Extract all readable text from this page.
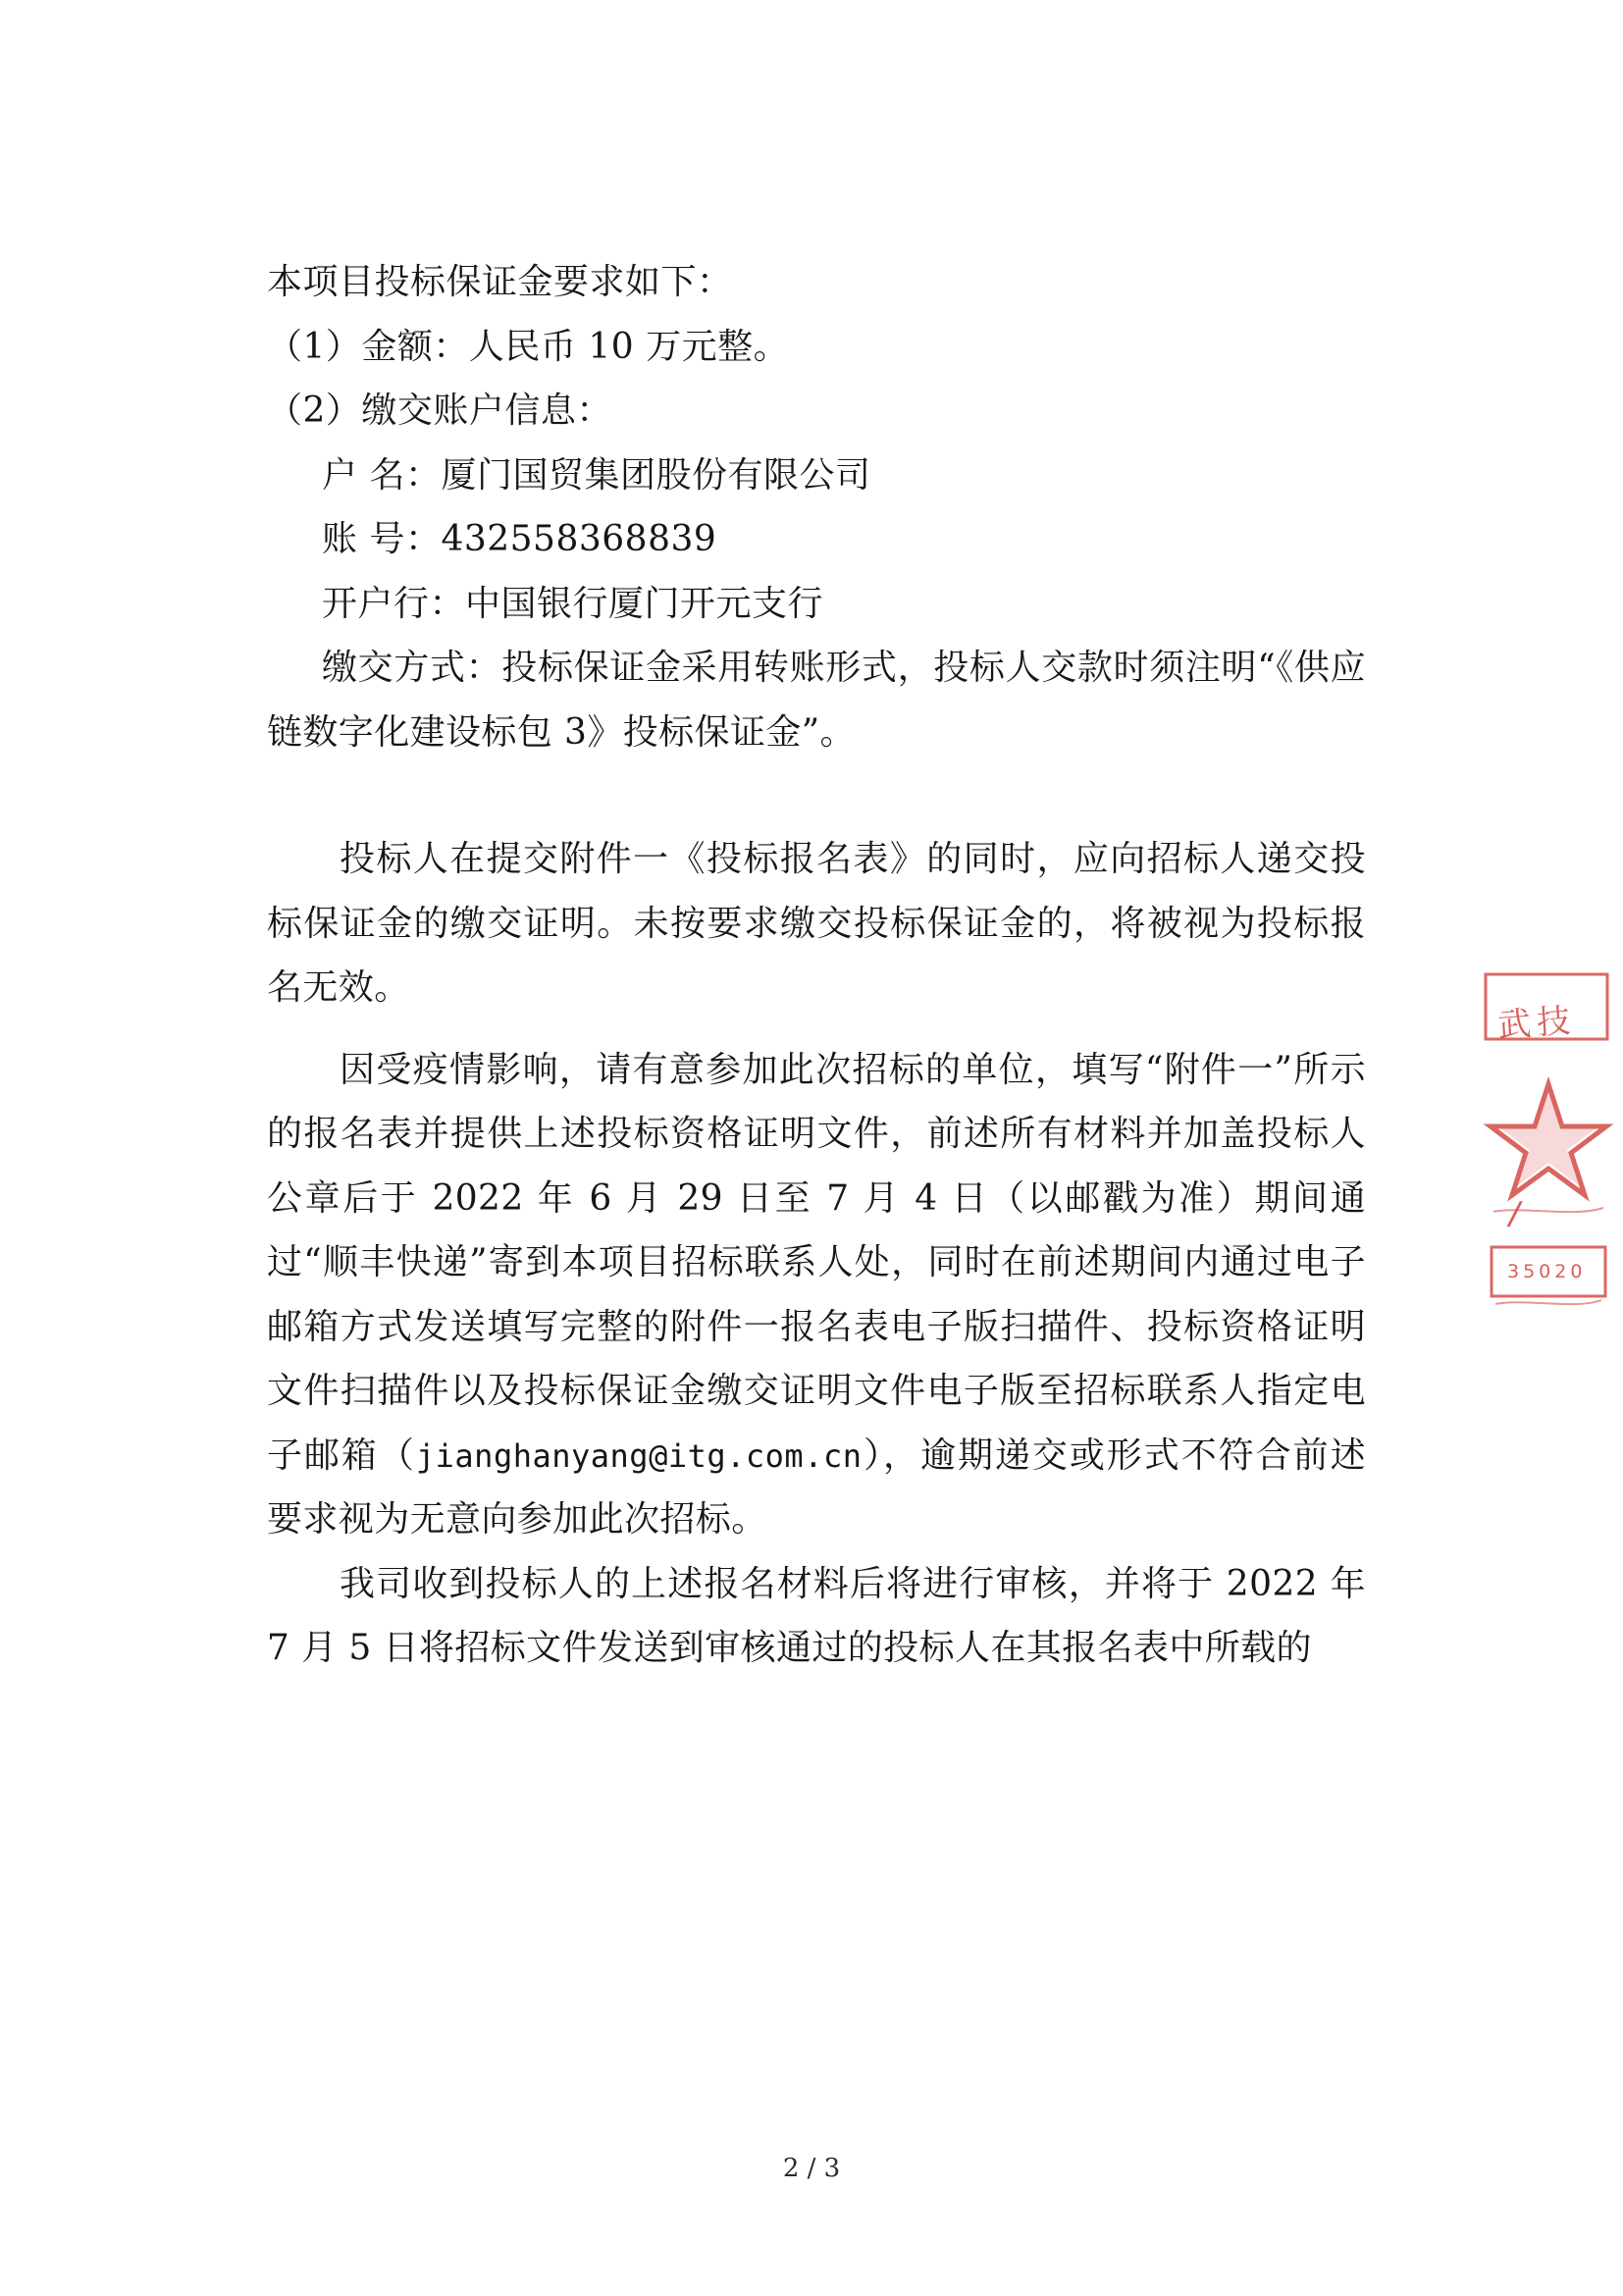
本项目投标保证金要求如下：
（1）金额：人民币 10 万元整。
（2）缴交账户信息：
户 名：厦门国贸集团股份有限公司
账 号：432558368839
开户行：中国银行厦门开元支行

缴交方式：投标保证金采用转账形式，投标人交款时须注明“《供应链数字化建设标包 3》投标保证金”。

投标人在提交附件一《投标报名表》的同时，应向招标人递交投标保证金的缴交证明。未按要求缴交投标保证金的，将被视为投标报名无效。

因受疫情影响，请有意参加此次招标的单位，填写“附件一”所示的报名表并提供上述投标资格证明文件，前述所有材料并加盖投标人公章后于 2022 年 6 月 29 日至 7 月 4 日（以邮戳为准）期间通过“顺丰快递”寄到本项目招标联系人处，同时在前述期间内通过电子邮箱方式发送填写完整的附件一报名表电子版扫描件、投标资格证明文件扫描件以及投标保证金缴交证明文件电子版至招标联系人指定电子邮箱（jianghanyang@itg.com.cn），逾期递交或形式不符合前述要求视为无意向参加此次招标。

我司收到投标人的上述报名材料后将进行审核，并将于 2022 年 7 月 5 日将招标文件发送到审核通过的投标人在其报名表中所载的

武技
/
35020
2 / 3
